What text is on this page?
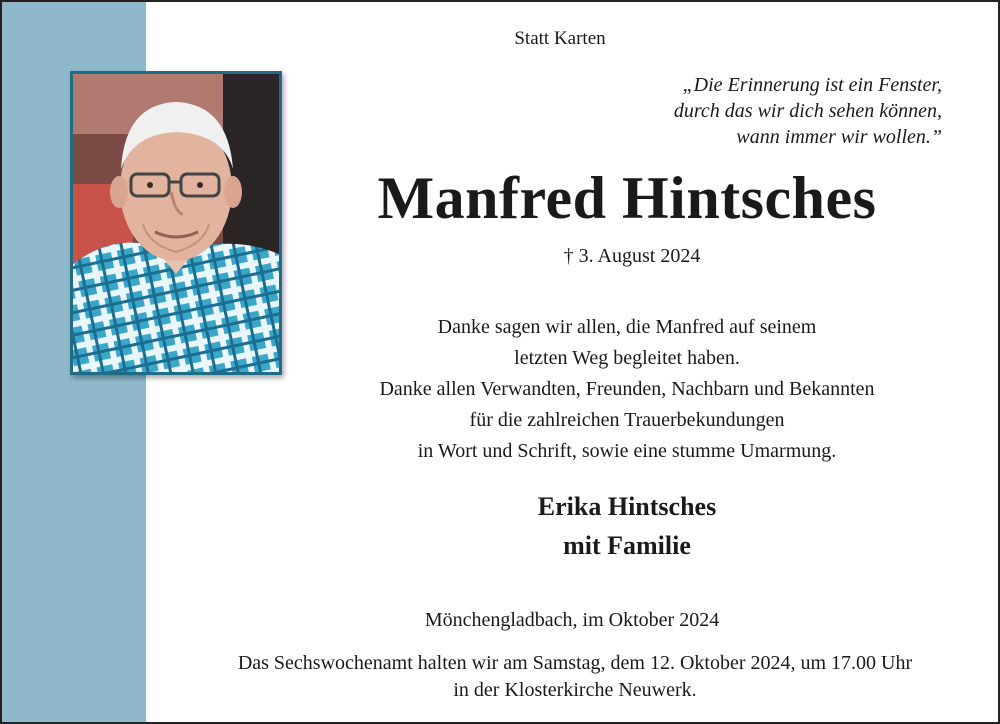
Statt Karten
„Die Erinnerung ist ein Fenster,
durch das wir dich sehen können,
wann immer wir wollen.”
Manfred Hintsches
† 3. August 2024
Danke sagen wir allen, die Manfred auf seinem
letzten Weg begleitet haben.
Danke allen Verwandten, Freunden, Nachbarn und Bekannten
für die zahlreichen Trauerbekundungen
in Wort und Schrift, sowie eine stumme Umarmung.
Erika Hintsches
mit Familie
Mönchengladbach, im Oktober 2024
Das Sechswochenamt halten wir am Samstag, dem 12. Oktober 2024, um 17.00 Uhr
in der Klosterkirche Neuwerk.
